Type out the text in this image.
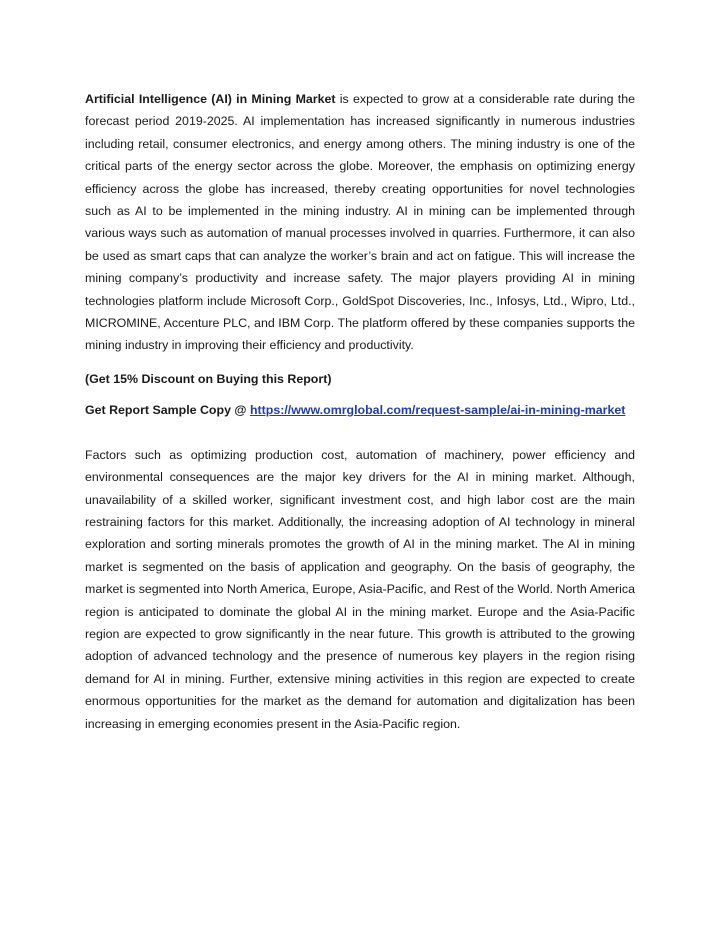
Artificial Intelligence (AI) in Mining Market is expected to grow at a considerable rate during the forecast period 2019-2025. AI implementation has increased significantly in numerous industries including retail, consumer electronics, and energy among others. The mining industry is one of the critical parts of the energy sector across the globe. Moreover, the emphasis on optimizing energy efficiency across the globe has increased, thereby creating opportunities for novel technologies such as AI to be implemented in the mining industry. AI in mining can be implemented through various ways such as automation of manual processes involved in quarries. Furthermore, it can also be used as smart caps that can analyze the worker’s brain and act on fatigue. This will increase the mining company’s productivity and increase safety. The major players providing AI in mining technologies platform include Microsoft Corp., GoldSpot Discoveries, Inc., Infosys, Ltd., Wipro, Ltd., MICROMINE, Accenture PLC, and IBM Corp. The platform offered by these companies supports the mining industry in improving their efficiency and productivity.

(Get 15% Discount on Buying this Report)

Get Report Sample Copy @ https://www.omrglobal.com/request-sample/ai-in-mining-market

Factors such as optimizing production cost, automation of machinery, power efficiency and environmental consequences are the major key drivers for the AI in mining market. Although, unavailability of a skilled worker, significant investment cost, and high labor cost are the main restraining factors for this market. Additionally, the increasing adoption of AI technology in mineral exploration and sorting minerals promotes the growth of AI in the mining market. The AI in mining market is segmented on the basis of application and geography. On the basis of geography, the market is segmented into North America, Europe, Asia-Pacific, and Rest of the World. North America region is anticipated to dominate the global AI in the mining market. Europe and the Asia-Pacific region are expected to grow significantly in the near future. This growth is attributed to the growing adoption of advanced technology and the presence of numerous key players in the region rising demand for AI in mining. Further, extensive mining activities in this region are expected to create enormous opportunities for the market as the demand for automation and digitalization has been increasing in emerging economies present in the Asia-Pacific region.
